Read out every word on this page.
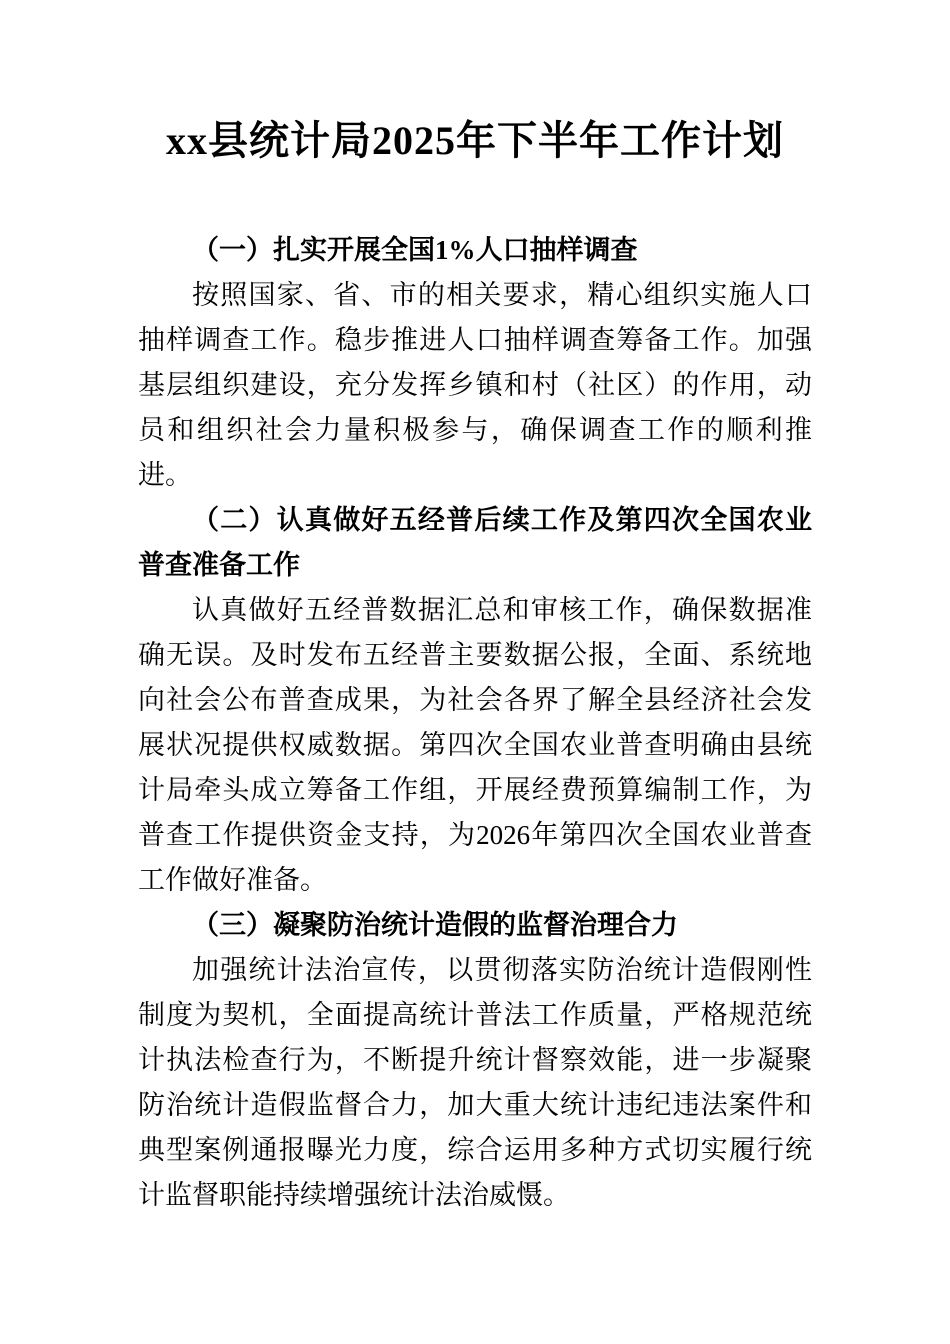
xx县统计局2025年下半年工作计划
（一）扎实开展全国1%人口抽样调查

按照国家、省、市的相关要求，精心组织实施人口抽样调查工作。稳步推进人口抽样调查筹备工作。加强基层组织建设，充分发挥乡镇和村（社区）的作用，动员和组织社会力量积极参与，确保调查工作的顺利推进。

（二）认真做好五经普后续工作及第四次全国农业普查准备工作

认真做好五经普数据汇总和审核工作，确保数据准确无误。及时发布五经普主要数据公报，全面、系统地向社会公布普查成果，为社会各界了解全县经济社会发展状况提供权威数据。第四次全国农业普查明确由县统计局牵头成立筹备工作组，开展经费预算编制工作，为普查工作提供资金支持，为2026年第四次全国农业普查工作做好准备。

（三）凝聚防治统计造假的监督治理合力

加强统计法治宣传，以贯彻落实防治统计造假刚性制度为契机，全面提高统计普法工作质量，严格规范统计执法检查行为，不断提升统计督察效能，进一步凝聚防治统计造假监督合力，加大重大统计违纪违法案件和典型案例通报曝光力度，综合运用多种方式切实履行统计监督职能持续增强统计法治威慑。
